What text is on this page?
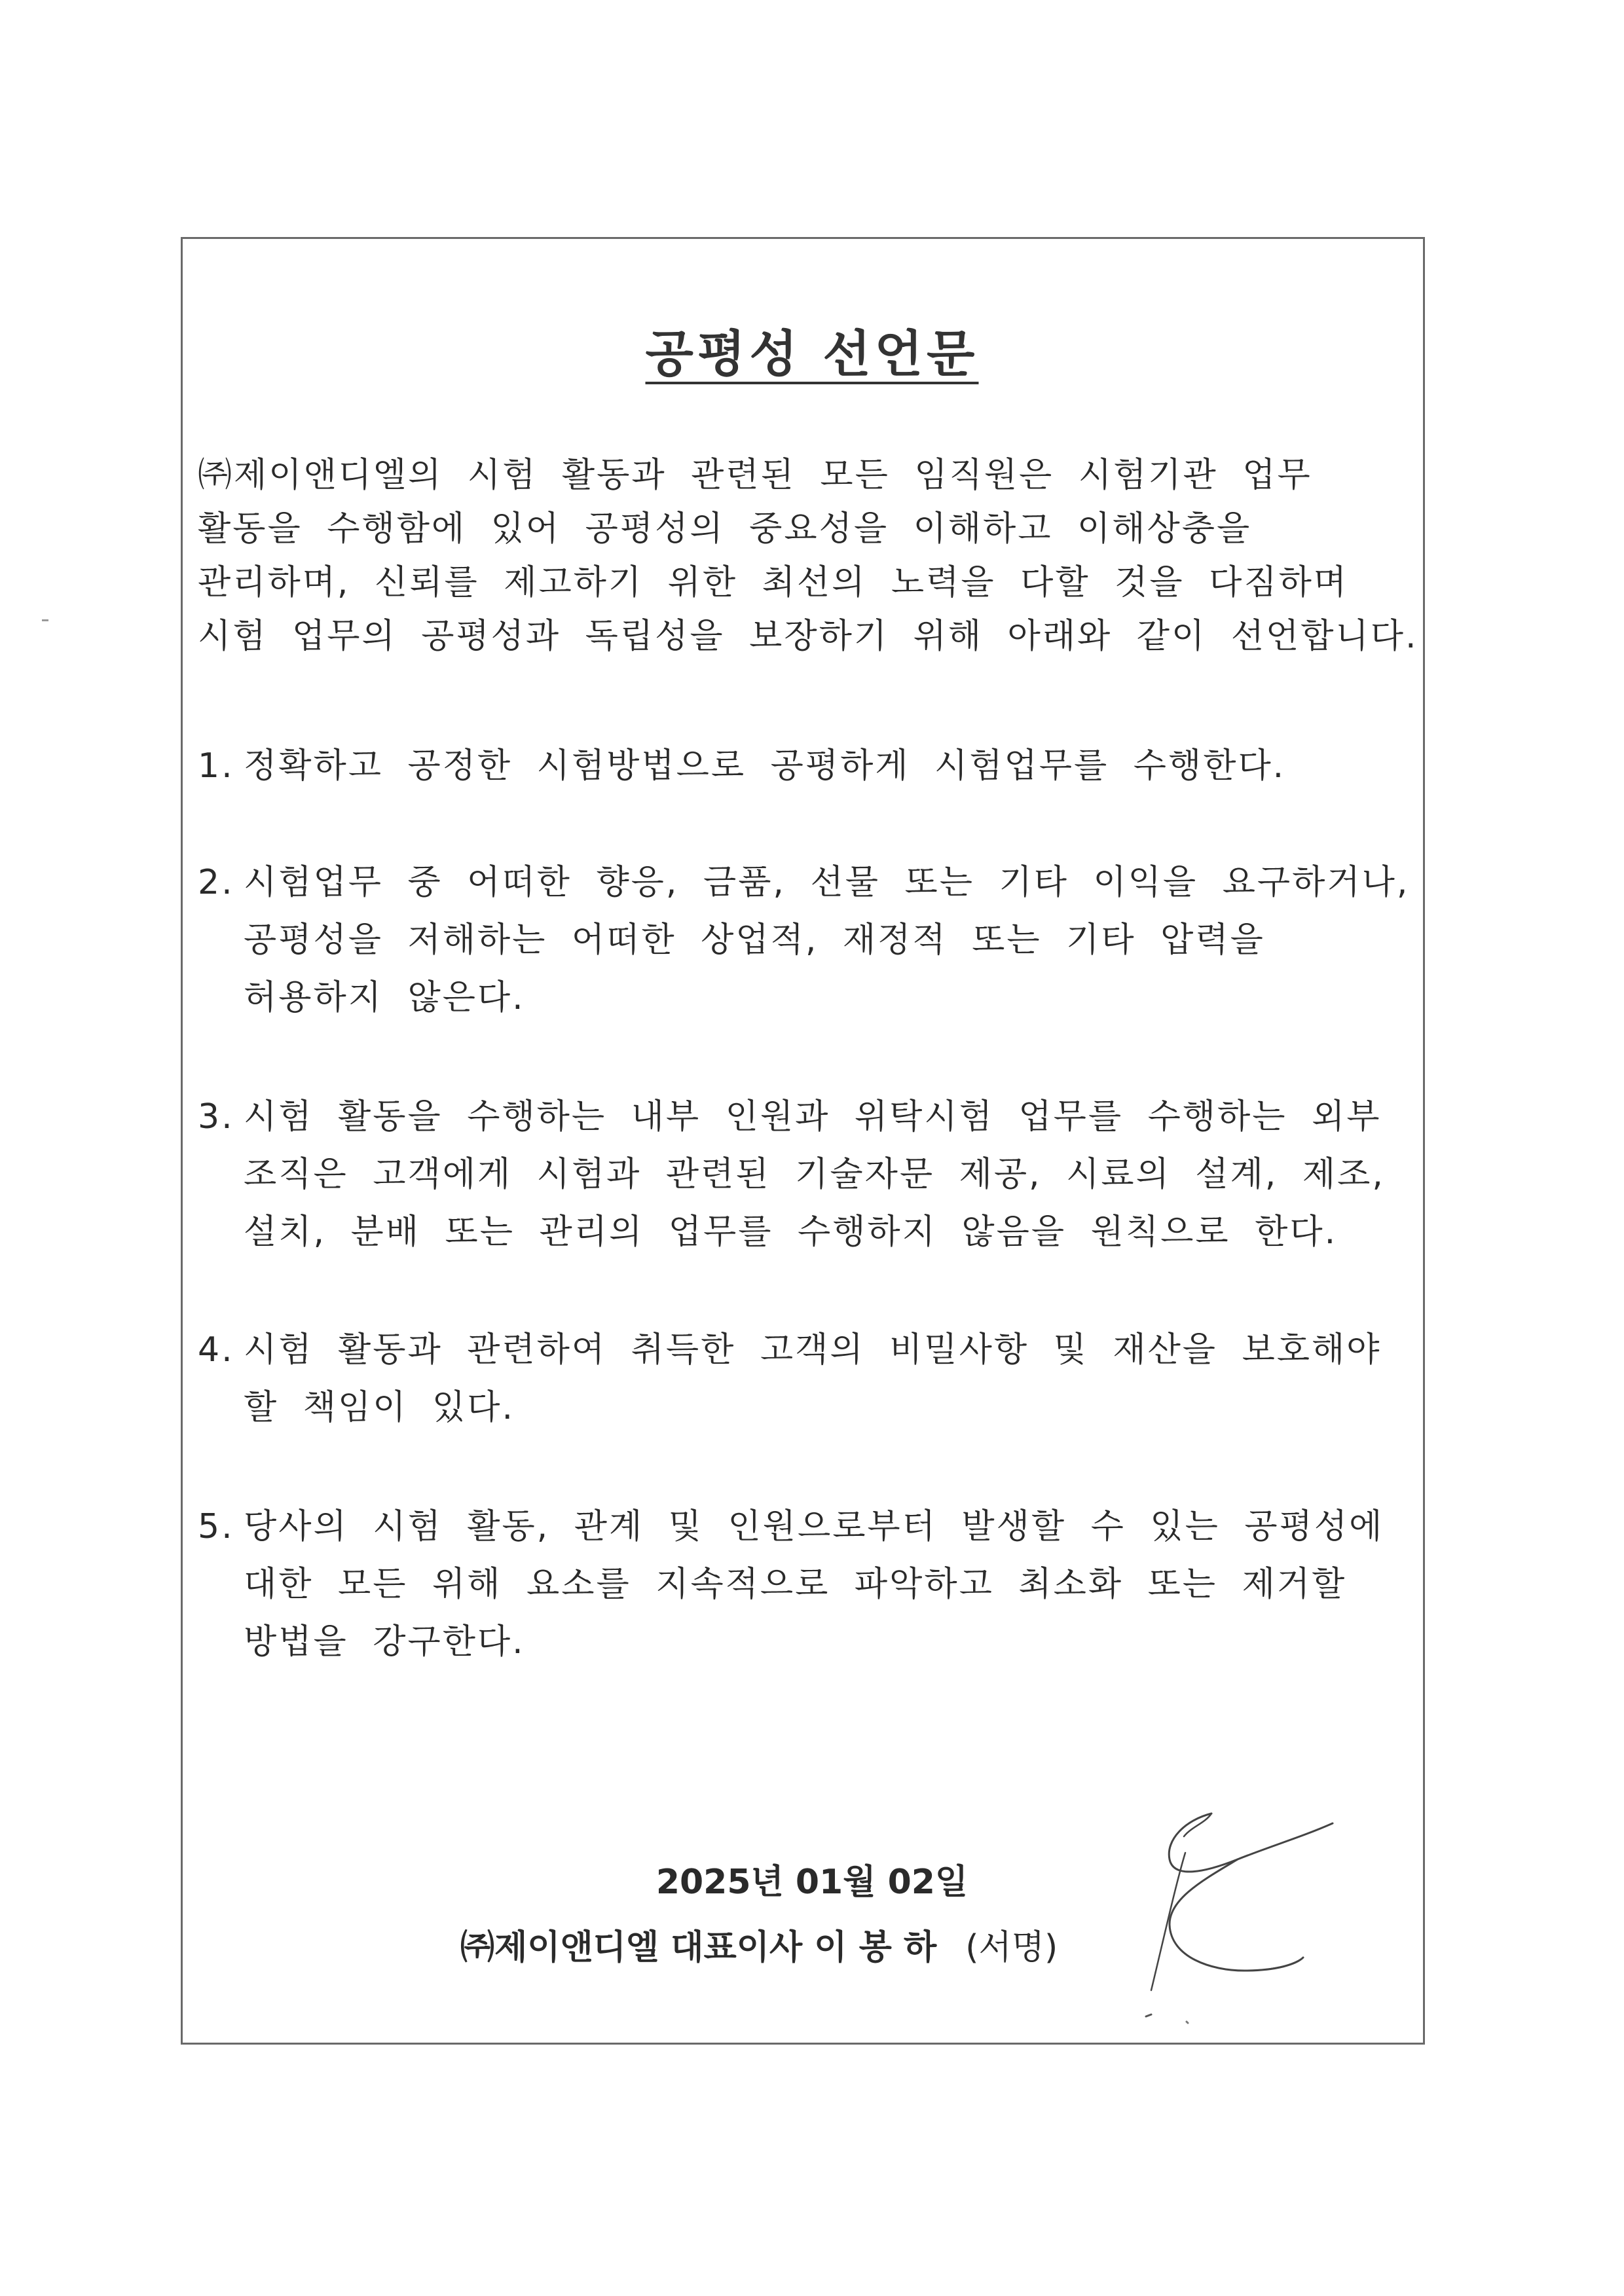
공평성 선언문

㈜제이앤디엘의 시험 활동과 관련된 모든 임직원은 시험기관 업무

활동을 수행함에 있어 공평성의 중요성을 이해하고 이해상충을

관리하며, 신뢰를 제고하기 위한 최선의 노력을 다할 것을 다짐하며

시험 업무의 공평성과 독립성을 보장하기 위해 아래와 같이 선언합니다.

1. 정확하고 공정한 시험방법으로 공평하게 시험업무를 수행한다.

2. 시험업무 중 어떠한 향응, 금품, 선물 또는 기타 이익을 요구하거나,

공평성을 저해하는 어떠한 상업적, 재정적 또는 기타 압력을

허용하지 않은다.

3. 시험 활동을 수행하는 내부 인원과 위탁시험 업무를 수행하는 외부

조직은 고객에게 시험과 관련된 기술자문 제공, 시료의 설계, 제조,

설치, 분배 또는 관리의 업무를 수행하지 않음을 원칙으로 한다.

4. 시험 활동과 관련하여 취득한 고객의 비밀사항 및 재산을 보호해야

할 책임이 있다.

5. 당사의 시험 활동, 관계 및 인원으로부터 발생할 수 있는 공평성에

대한 모든 위해 요소를 지속적으로 파악하고 최소화 또는 제거할

방법을 강구한다.

2025년 01월 02일

㈜제이앤디엘 대표이사 이 봉 하 (서명)
